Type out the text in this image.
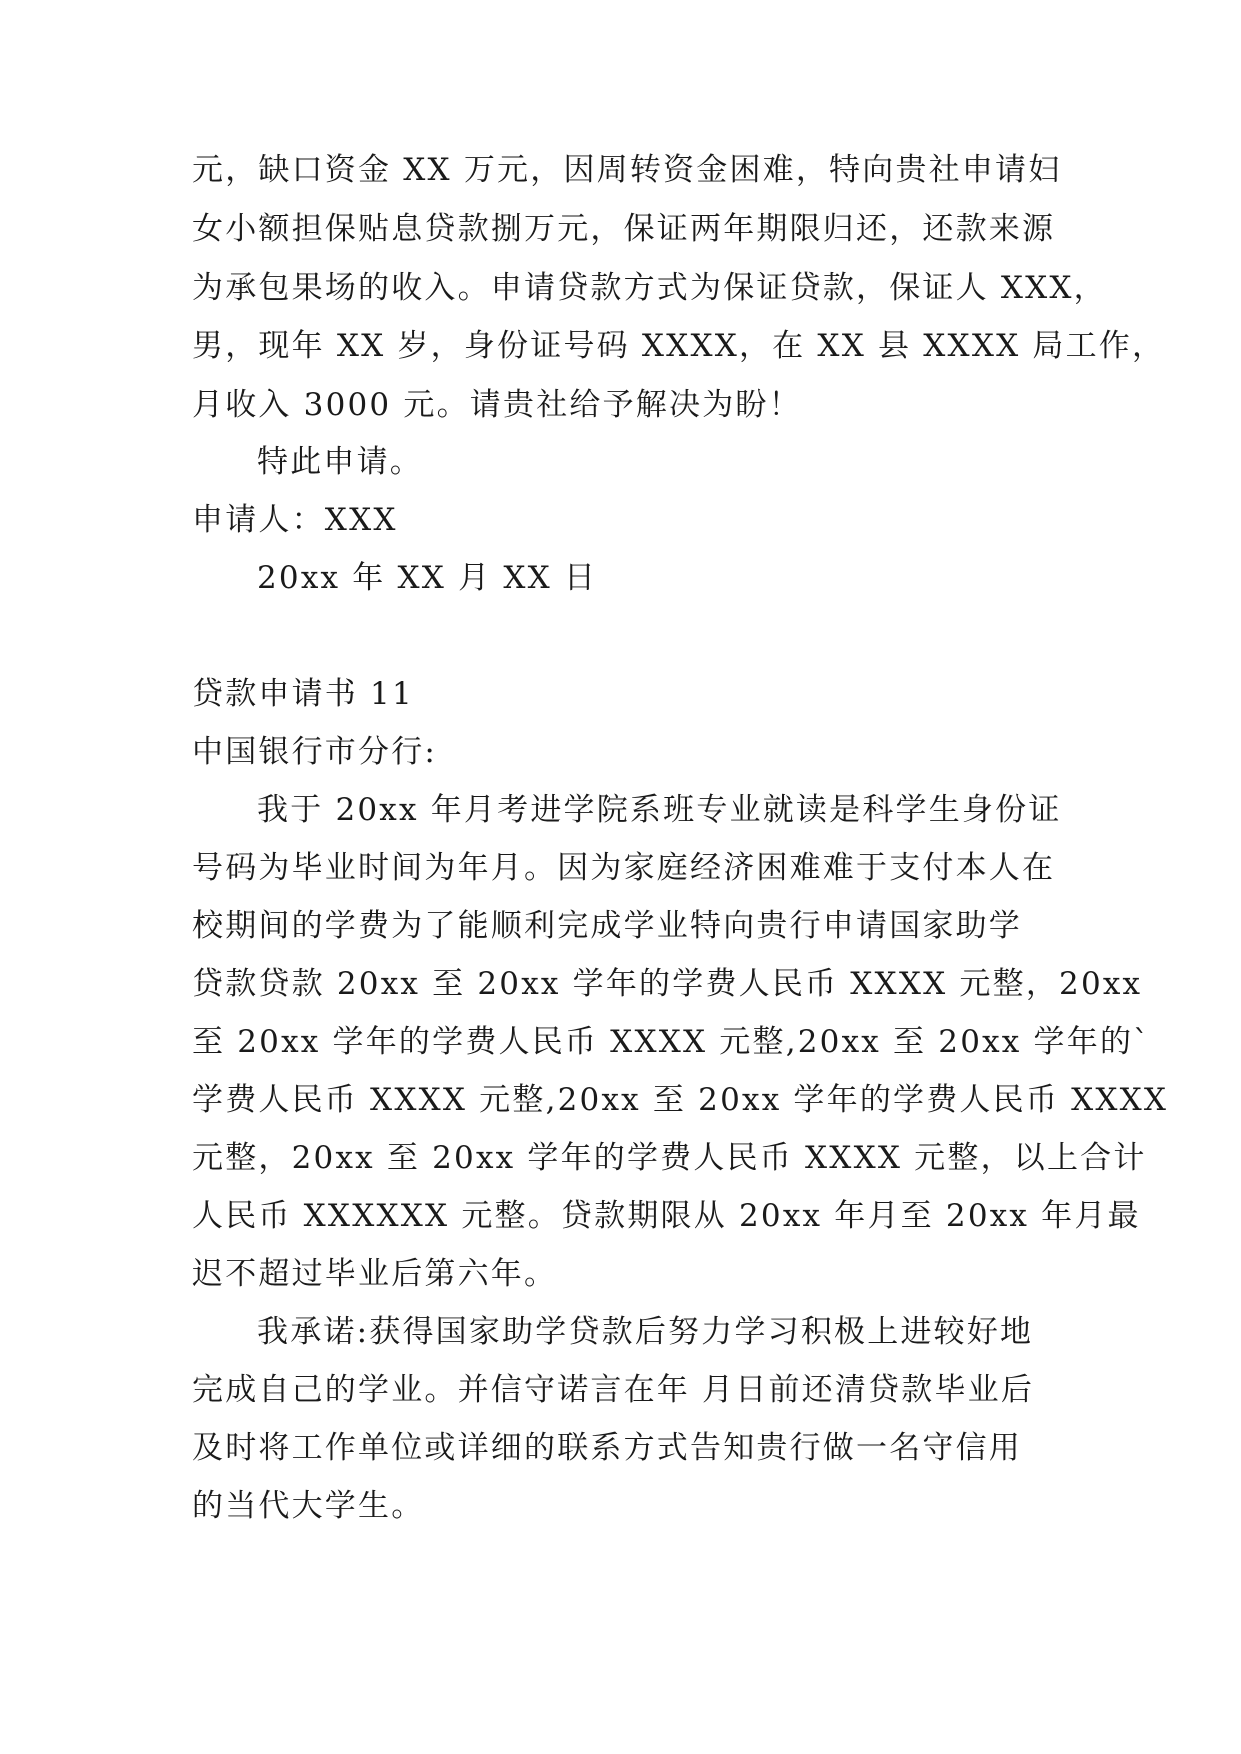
元，缺口资金 XX 万元，因周转资金困难，特向贵社申请妇
女小额担保贴息贷款捌万元，保证两年期限归还，还款来源
为承包果场的收入。申请贷款方式为保证贷款，保证人 XXX，
男，现年 XX 岁，身份证号码 XXXX，在 XX 县 XXXX 局工作，
月收入 3000 元。请贵社给予解决为盼！
特此申请。
申请人：XXX
20xx 年 XX 月 XX 日
贷款申请书 11
中国银行市分行:
我于 20xx 年月考进学院系班专业就读是科学生身份证
号码为毕业时间为年月。因为家庭经济困难难于支付本人在
校期间的学费为了能顺利完成学业特向贵行申请国家助学
贷款贷款 20xx 至 20xx 学年的学费人民币 XXXX 元整，20xx
至 20xx 学年的学费人民币 XXXX 元整,20xx 至 20xx 学年的`
学费人民币 XXXX 元整,20xx 至 20xx 学年的学费人民币 XXXX
元整，20xx 至 20xx 学年的学费人民币 XXXX 元整，以上合计
人民币 XXXXXX 元整。贷款期限从 20xx 年月至 20xx 年月最
迟不超过毕业后第六年。
我承诺:获得国家助学贷款后努力学习积极上进较好地
完成自己的学业。并信守诺言在年 月日前还清贷款毕业后
及时将工作单位或详细的联系方式告知贵行做一名守信用
的当代大学生。
